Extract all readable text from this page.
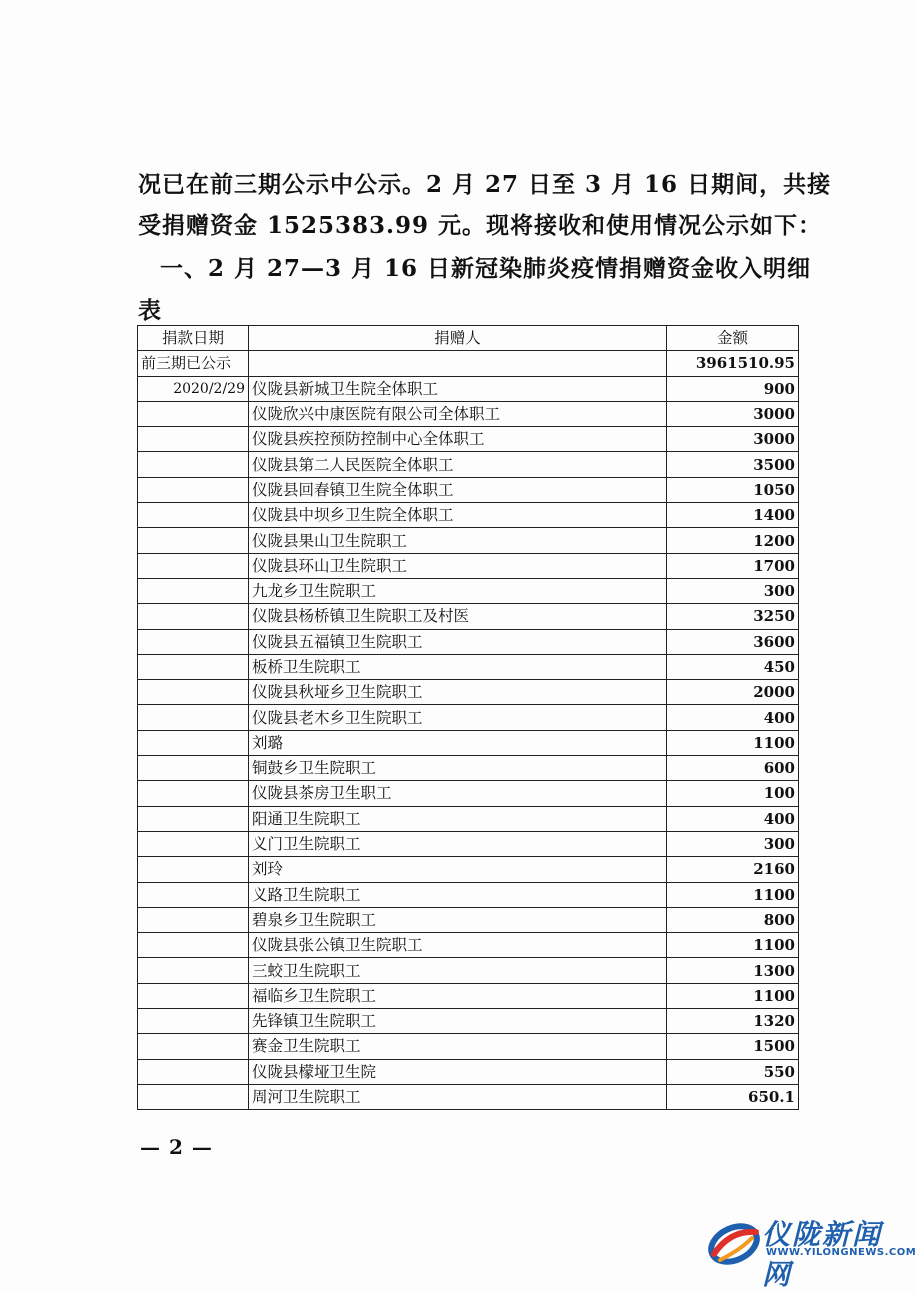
况已在前三期公示中公示。2 月 27 日至 3 月 16 日期间，共接
受捐赠资金 1525383.99 元。现将接收和使用情况公示如下：
一、2 月 27—3 月 16 日新冠染肺炎疫情捐赠资金收入明细
表
捐款日期	捐赠人	金额
前三期已公示		3961510.95
2020/2/29	仪陇县新城卫生院全体职工	900
	仪陇欣兴中康医院有限公司全体职工	3000
	仪陇县疾控预防控制中心全体职工	3000
	仪陇县第二人民医院全体职工	3500
	仪陇县回春镇卫生院全体职工	1050
	仪陇县中坝乡卫生院全体职工	1400
	仪陇县果山卫生院职工	1200
	仪陇县环山卫生院职工	1700
	九龙乡卫生院职工	300
	仪陇县杨桥镇卫生院职工及村医	3250
	仪陇县五福镇卫生院职工	3600
	板桥卫生院职工	450
	仪陇县秋垭乡卫生院职工	2000
	仪陇县老木乡卫生院职工	400
	刘璐	1100
	铜鼓乡卫生院职工	600
	仪陇县茶房卫生职工	100
	阳通卫生院职工	400
	义门卫生院职工	300
	刘玲	2160
	义路卫生院职工	1100
	碧泉乡卫生院职工	800
	仪陇县张公镇卫生院职工	1100
	三蛟卫生院职工	1300
	福临乡卫生院职工	1100
	先锋镇卫生院职工	1320
	赛金卫生院职工	1500
	仪陇县檬垭卫生院	550
	周河卫生院职工	650.1
— 2 —
仪陇新闻网
WWW.YILONGNEWS.COM
